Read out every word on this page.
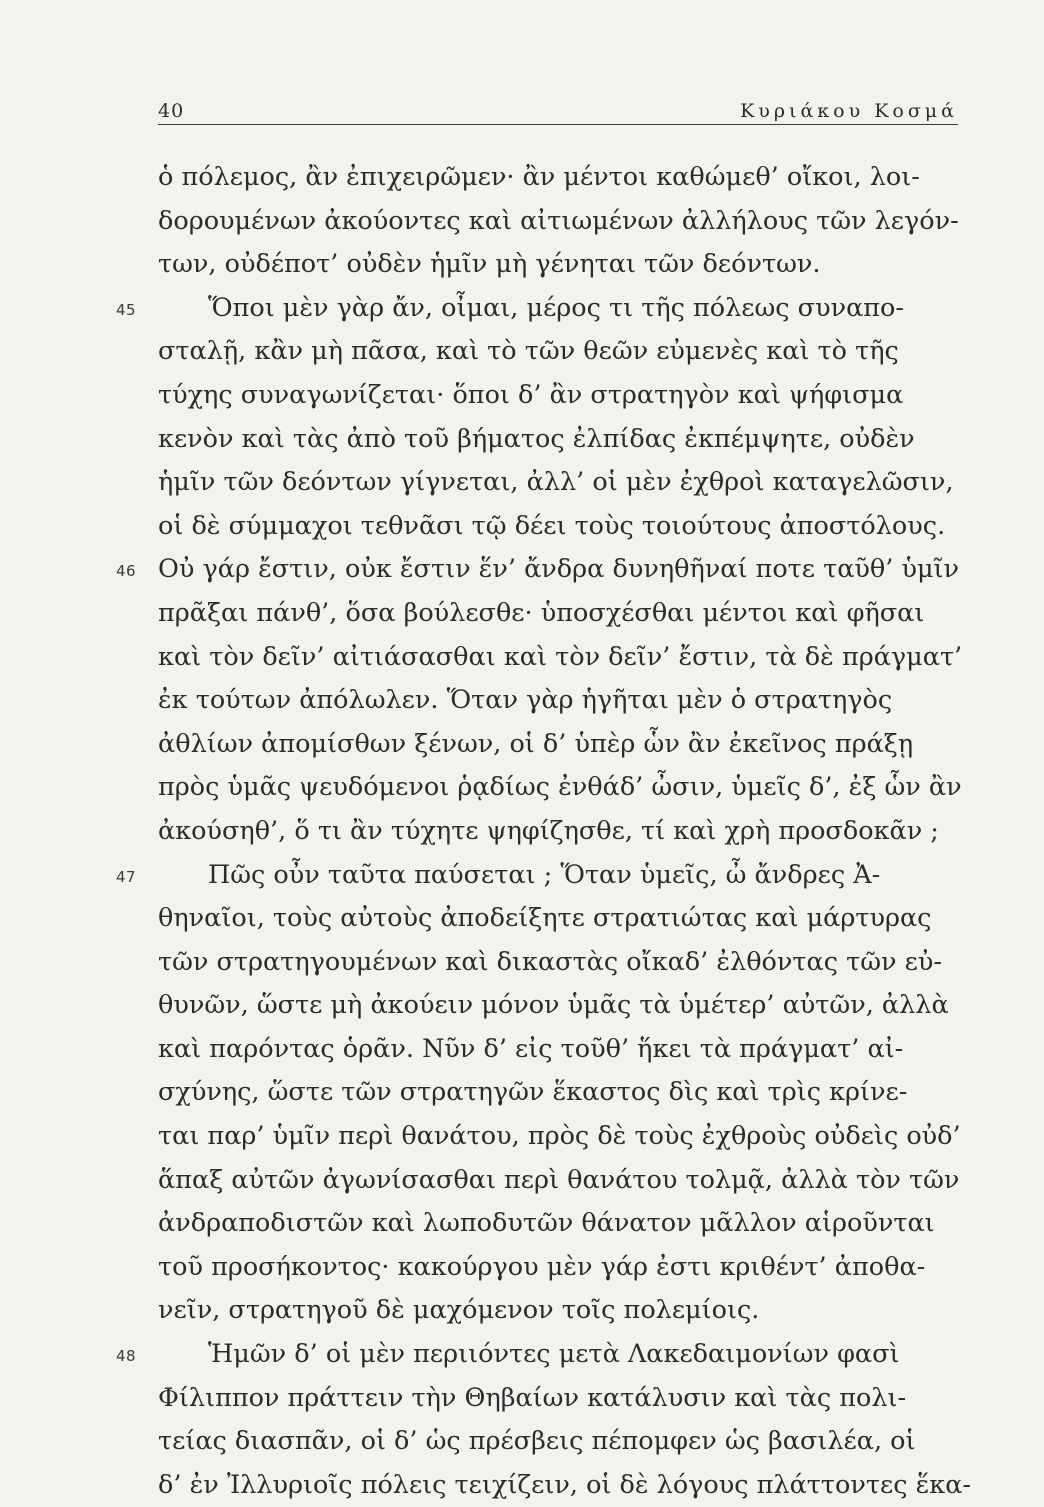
40	Κυριάκου Κοσμά
ὁ πόλεμος, ἂν ἐπιχειρῶμεν· ἂν μέντοι καθώμεθ’ οἴκοι, λοι-
δορουμένων ἀκούοντες καὶ αἰτιωμένων ἀλλήλους τῶν λεγόν-
των, οὐδέποτ’ οὐδὲν ἡμῖν μὴ γένηται τῶν δεόντων.
45	Ὅποι μὲν γὰρ ἄν, οἶμαι, μέρος τι τῆς πόλεως συναπο-
σταλῇ, κἂν μὴ πᾶσα, καὶ τὸ τῶν θεῶν εὐμενὲς καὶ τὸ τῆς
τύχης συναγωνίζεται· ὅποι δ’ ἂν στρατηγὸν καὶ ψήφισμα
κενὸν καὶ τὰς ἀπὸ τοῦ βήματος ἐλπίδας ἐκπέμψητε, οὐδὲν
ἡμῖν τῶν δεόντων γίγνεται, ἀλλ’ οἱ μὲν ἐχθροὶ καταγελῶσιν,
οἱ δὲ σύμμαχοι τεθνᾶσι τῷ δέει τοὺς τοιούτους ἀποστόλους.
46 Οὐ γάρ ἔστιν, οὐκ ἔστιν ἕν’ ἄνδρα δυνηθῆναί ποτε ταῦθ’ ὑμῖν
πρᾶξαι πάνθ’, ὅσα βούλεσθε· ὑποσχέσθαι μέντοι καὶ φῆσαι
καὶ τὸν δεῖν’ αἰτιάσασθαι καὶ τὸν δεῖν’ ἔστιν, τὰ δὲ πράγματ’
ἐκ τούτων ἀπόλωλεν. Ὅταν γὰρ ἡγῆται μὲν ὁ στρατηγὸς
ἀθλίων ἀπομίσθων ξένων, οἱ δ’ ὑπὲρ ὧν ἂν ἐκεῖνος πράξῃ
πρὸς ὑμᾶς ψευδόμενοι ῥᾳδίως ἐνθάδ’ ὦσιν, ὑμεῖς δ’, ἐξ ὧν ἂν
ἀκούσηθ’, ὅ τι ἂν τύχητε ψηφίζησθε, τί καὶ χρὴ προσδοκᾶν ;
47	Πῶς οὖν ταῦτα παύσεται ; Ὅταν ὑμεῖς, ὦ ἄνδρες Ἀ-
θηναῖοι, τοὺς αὐτοὺς ἀποδείξητε στρατιώτας καὶ μάρτυρας
τῶν στρατηγουμένων καὶ δικαστὰς οἴκαδ’ ἐλθόντας τῶν εὐ-
θυνῶν, ὥστε μὴ ἀκούειν μόνον ὑμᾶς τὰ ὑμέτερ’ αὐτῶν, ἀλλὰ
καὶ παρόντας ὁρᾶν. Νῦν δ’ εἰς τοῦθ’ ἥκει τὰ πράγματ’ αἰ-
σχύνης, ὥστε τῶν στρατηγῶν ἕκαστος δὶς καὶ τρὶς κρίνε-
ται παρ’ ὑμῖν περὶ θανάτου, πρὸς δὲ τοὺς ἐχθροὺς οὐδεὶς οὐδ’
ἅπαξ αὐτῶν ἀγωνίσασθαι περὶ θανάτου τολμᾷ, ἀλλὰ τὸν τῶν
ἀνδραποδιστῶν καὶ λωποδυτῶν θάνατον μᾶλλον αἱροῦνται
τοῦ προσήκοντος· κακούργου μὲν γάρ ἐστι κριθέντ’ ἀποθα-
νεῖν, στρατηγοῦ δὲ μαχόμενον τοῖς πολεμίοις.
48	Ἡμῶν δ’ οἱ μὲν περιιόντες μετὰ Λακεδαιμονίων φασὶ
Φίλιππον πράττειν τὴν Θηβαίων κατάλυσιν καὶ τὰς πολι-
τείας διασπᾶν, οἱ δ’ ὡς πρέσβεις πέπομφεν ὡς βασιλέα, οἱ
δ’ ἐν Ἰλλυριοῖς πόλεις τειχίζειν, οἱ δὲ λόγους πλάττοντες ἕκα-
